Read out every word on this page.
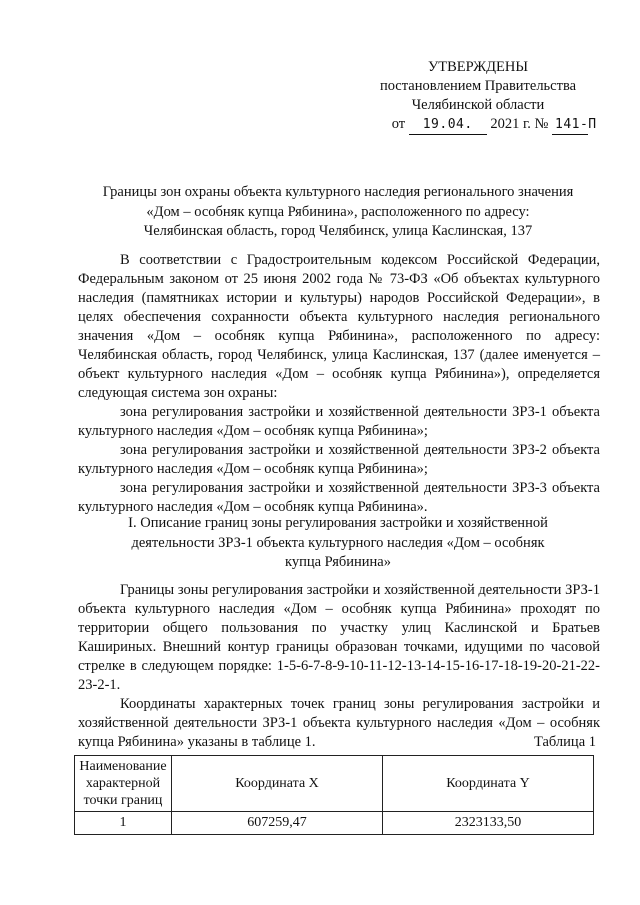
УТВЕРЖДЕНЫ
постановлением Правительства
Челябинской области
от 19.04. 2021 г. № 141-П
Границы зон охраны объекта культурного наследия регионального значения
«Дом – особняк купца Рябинина», расположенного по адресу:
Челябинская область, город Челябинск, улица Каслинская, 137

В соответствии с Градостроительным кодексом Российской Федерации, Федеральным законом от 25 июня 2002 года № 73-ФЗ «Об объектах культурного наследия (памятниках истории и культуры) народов Российской Федерации», в целях обеспечения сохранности объекта культурного наследия регионального значения «Дом – особняк купца Рябинина», расположенного по адресу: Челябинская область, город Челябинск, улица Каслинская, 137 (далее именуется – объект культурного наследия «Дом – особняк купца Рябинина»), определяется следующая система зон охраны:

зона регулирования застройки и хозяйственной деятельности ЗРЗ-1 объекта культурного наследия «Дом – особняк купца Рябинина»;

зона регулирования застройки и хозяйственной деятельности ЗРЗ-2 объекта культурного наследия «Дом – особняк купца Рябинина»;

зона регулирования застройки и хозяйственной деятельности ЗРЗ-3 объекта культурного наследия «Дом – особняк купца Рябинина».

I. Описание границ зоны регулирования застройки и хозяйственной
деятельности ЗРЗ-1 объекта культурного наследия «Дом – особняк
купца Рябинина»

Границы зоны регулирования застройки и хозяйственной деятельности ЗРЗ-1 объекта культурного наследия «Дом – особняк купца Рябинина» проходят по территории общего пользования по участку улиц Каслинской и Братьев Кашириных. Внешний контур границы образован точками, идущими по часовой стрелке в следующем порядке: 1-5-6-7-8-9-10-11-12-13-14-15-16-17-18-19-20-21-22-23-2-1.

Координаты характерных точек границ зоны регулирования застройки и хозяйственной деятельности ЗРЗ-1 объекта культурного наследия «Дом – особняк купца Рябинина» указаны в таблице 1.	Таблица 1
Наименование характерной точки границ	Координата X	Координата Y
1	607259,47	2323133,50
